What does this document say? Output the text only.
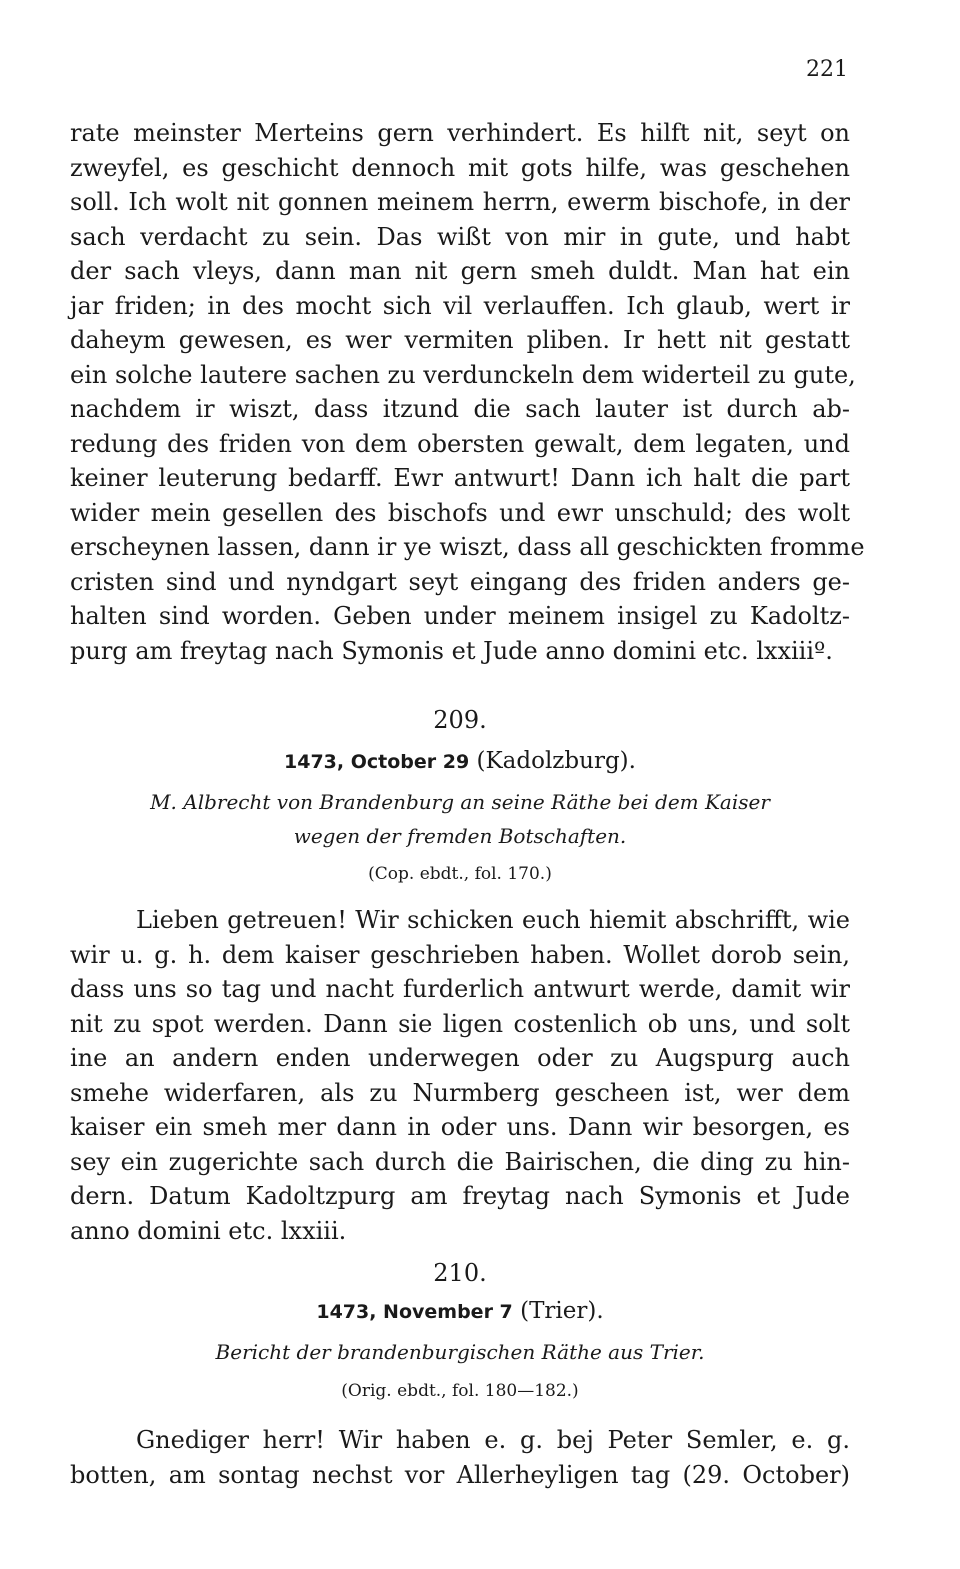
221
rate meinster Merteins gern verhindert. Es hilft nit, seyt on
zweyfel, es geschicht dennoch mit gots hilfe, was geschehen
soll. Ich wolt nit gonnen meinem herrn, ewerm bischofe, in der
sach verdacht zu sein. Das wißt von mir in gute, und habt
der sach vleys, dann man nit gern smeh duldt. Man hat ein
jar friden; in des mocht sich vil verlauffen. Ich glaub, wert ir
daheym gewesen, es wer vermiten pliben. Ir hett nit gestatt
ein solche lautere sachen zu verdunckeln dem widerteil zu gute,
nachdem ir wiszt, dass itzund die sach lauter ist durch ab-
redung des friden von dem obersten gewalt, dem legaten, und
keiner leuterung bedarff. Ewr antwurt! Dann ich halt die part
wider mein gesellen des bischofs und ewr unschuld; des wolt
erscheynen lassen, dann ir ye wiszt, dass all geschickten fromme
cristen sind und nyndgart seyt eingang des friden anders ge-
halten sind worden. Geben under meinem insigel zu Kadoltz-
purg am freytag nach Symonis et Jude anno domini etc. lxxiiiº.
209.
1473, October 29 (Kadolzburg).
M. Albrecht von Brandenburg an seine Räthe bei dem Kaiser
wegen der fremden Botschaften.
(Cop. ebdt., fol. 170.)
Lieben getreuen! Wir schicken euch hiemit abschrifft, wie
wir u. g. h. dem kaiser geschrieben haben. Wollet dorob sein,
dass uns so tag und nacht furderlich antwurt werde, damit wir
nit zu spot werden. Dann sie ligen costenlich ob uns, und solt
ine an andern enden underwegen oder zu Augspurg auch
smehe widerfaren, als zu Nurmberg gescheen ist, wer dem
kaiser ein smeh mer dann in oder uns. Dann wir besorgen, es
sey ein zugerichte sach durch die Bairischen, die ding zu hin-
dern. Datum Kadoltzpurg am freytag nach Symonis et Jude
anno domini etc. lxxiii.
210.
1473, November 7 (Trier).
Bericht der brandenburgischen Räthe aus Trier.
(Orig. ebdt., fol. 180—182.)
Gnediger herr! Wir haben e. g. bej Peter Semler, e. g.
botten, am sontag nechst vor Allerheyligen tag (29. October)
